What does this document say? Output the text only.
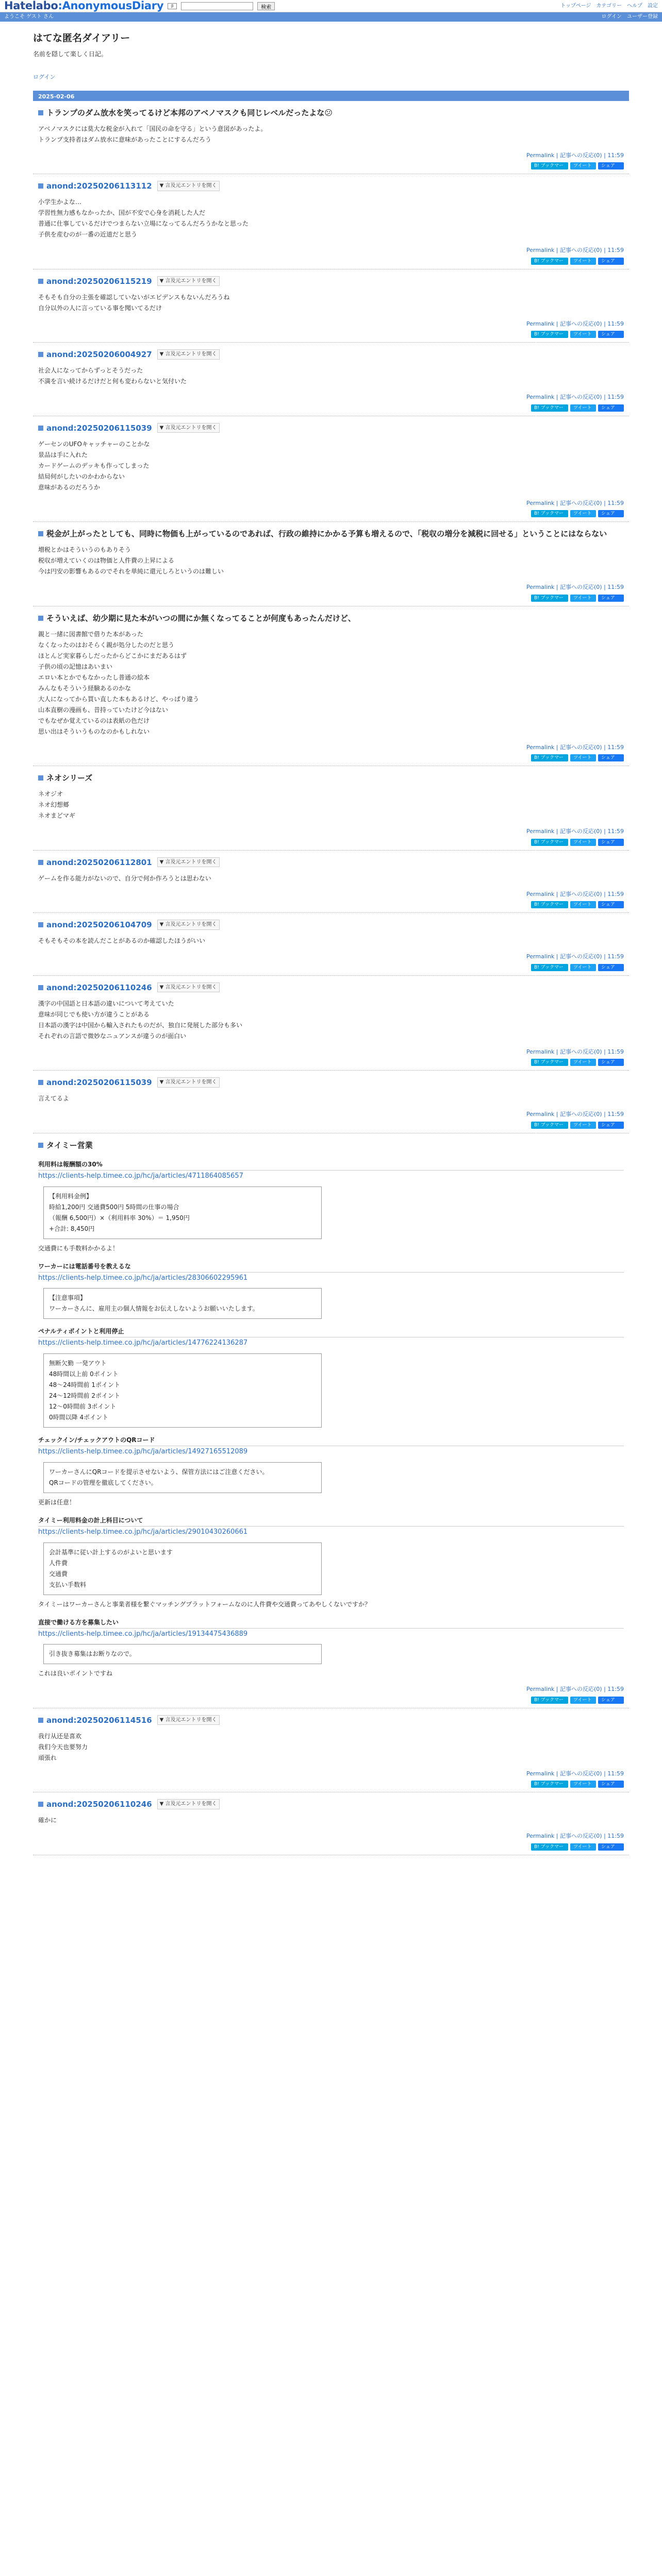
Hatelabo:AnonymousDiary	β	検索	トップページ カテゴリー ヘルプ 設定
ようこそ ゲスト さん	ログイン ユーザー登録
はてな匿名ダイアリー
名前を隠して楽しく日記。
ログイン
2025-02-06
トランプのダム放水を笑ってるけど本邦のアベノマスクも同じレベルだったよな😕

アベノマスクには莫大な税金が入れて「国民の命を守る」という意図があったよ。

トランプ支持者はダム放水に意味があったことにするんだろう

Permalink | 記事への反応(0) | 11:59
B! ブックマーク
ツイート	シェア
anond:20250206113112	▼ 言及元エントリを開く

小学生かよな…

学習性無力感もなかったか、国が不安で心身を消耗した人だ

普通に仕事しているだけでつまらない立場になってるんだろうかなと思った

子供を産むのが一番の近道だと思う

Permalink | 記事への反応(0) | 11:59
B! ブックマーク
ツイート	シェア
anond:20250206115219	▼ 言及元エントリを開く

そもそも自分の主張を確認していないがエビデンスもないんだろうね

自分以外の人に言っている事を聞いてるだけ

Permalink | 記事への反応(0) | 11:59
B! ブックマーク
ツイート	シェア
anond:20250206004927	▼ 言及元エントリを開く

社会人になってからずっとそうだった

不満を言い続けるだけだと何も変わらないと気付いた

Permalink | 記事への反応(0) | 11:59
B! ブックマーク
ツイート	シェア
anond:20250206115039	▼ 言及元エントリを開く

ゲーセンのUFOキャッチャーのことかな

景品は手に入れた

カードゲームのデッキも作ってしまった

結局何がしたいのかわからない

意味があるのだろうか

Permalink | 記事への反応(0) | 11:59
B! ブックマーク
ツイート	シェア
税金が上がったとしても、同時に物価も上がっているのであれば、行政の維持にかかる予算も増えるので、「税収の増分を減税に回せる」ということにはならない

増税とかはそういうのもありそう

税収が増えていくのは物価と人件費の上昇による

今は円安の影響もあるのでそれを単純に還元しろというのは難しい

Permalink | 記事への反応(0) | 11:59
B! ブックマーク
ツイート	シェア
そういえば、幼少期に見た本がいつの間にか無くなってることが何度もあったんだけど、

親と一緒に図書館で借りた本があった

なくなったのはおそらく親が処分したのだと思う

ほとんど実家暮らしだったからどこかにまだあるはず

子供の頃の記憶はあいまい

エロい本とかでもなかったし普通の絵本

みんなもそういう経験あるのかな

大人になってから買い直した本もあるけど、やっぱり違う

山本直樹の漫画も、昔持っていたけど今はない

でもなぜか覚えているのは表紙の色だけ

思い出はそういうものなのかもしれない

Permalink | 記事への反応(0) | 11:59
B! ブックマーク
ツイート	シェア
ネオシリーズ

ネオジオ

ネオ幻想郷

ネオまどマギ

Permalink | 記事への反応(0) | 11:59
B! ブックマーク
ツイート	シェア
anond:20250206112801	▼ 言及元エントリを開く

ゲームを作る能力がないので、自分で何か作ろうとは思わない

Permalink | 記事への反応(0) | 11:59
B! ブックマーク
ツイート	シェア
anond:20250206104709	▼ 言及元エントリを開く

そもそもその本を読んだことがあるのか確認したほうがいい

Permalink | 記事への反応(0) | 11:59
B! ブックマーク
ツイート	シェア
anond:20250206110246	▼ 言及元エントリを開く

漢字の中国語と日本語の違いについて考えていた

意味が同じでも使い方が違うことがある

日本語の漢字は中国から輸入されたものだが、独自に発展した部分も多い

それぞれの言語で微妙なニュアンスが違うのが面白い

Permalink | 記事への反応(0) | 11:59
B! ブックマーク
ツイート	シェア
anond:20250206115039	▼ 言及元エントリを開く

言えてるよ

Permalink | 記事への反応(0) | 11:59
B! ブックマーク
ツイート	シェア
タイミー営業
利用料は報酬額の30%
https://clients-help.timee.co.jp/hc/ja/articles/4711864085657

【利用料金例】

時給1,200円 交通費500円 5時間の仕事の場合

（報酬 6,500円）×（利用料率 30%）＝ 1,950円

+合計: 8,450円

交通費にも手数料かかるよ！

ワーカーには電話番号を教えるな
https://clients-help.timee.co.jp/hc/ja/articles/28306602295961

【注意事項】

ワーカーさんに、雇用主の個人情報をお伝えしないようお願いいたします。

ペナルティポイントと利用停止
https://clients-help.timee.co.jp/hc/ja/articles/14776224136287

無断欠勤 一発アウト

48時間以上前 0ポイント

48〜24時間前 1ポイント

24〜12時間前 2ポイント

12〜0時間前 3ポイント

0時間以降 4ポイント

チェックイン/チェックアウトのQRコード
https://clients-help.timee.co.jp/hc/ja/articles/14927165512089

ワーカーさんにQRコードを提示させないよう、保管方法にはご注意ください。

QRコードの管理を徹底してください。

更新は任意！

タイミー利用料金の計上科目について
https://clients-help.timee.co.jp/hc/ja/articles/29010430260661

会計基準に従い計上するのがよいと思います

人件費

交通費

支払い手数料

タイミーはワーカーさんと事業者様を繋ぐマッチングプラットフォームなのに人件費や交通費ってあやしくないですか？

直接で働ける方を募集したい
https://clients-help.timee.co.jp/hc/ja/articles/19134475436889

引き抜き募集はお断りなので。

これは良いポイントですね

Permalink | 記事への反応(0) | 11:59
B! ブックマーク
ツイート	シェア
anond:20250206114516	▼ 言及元エントリを開く

我行从还是喜欢

我们今天也要努力

頑張れ

Permalink | 記事への反応(0) | 11:59
B! ブックマーク
ツイート	シェア
anond:20250206110246	▼ 言及元エントリを開く

確かに

Permalink | 記事への反応(0) | 11:59
B! ブックマーク
ツイート	シェア
